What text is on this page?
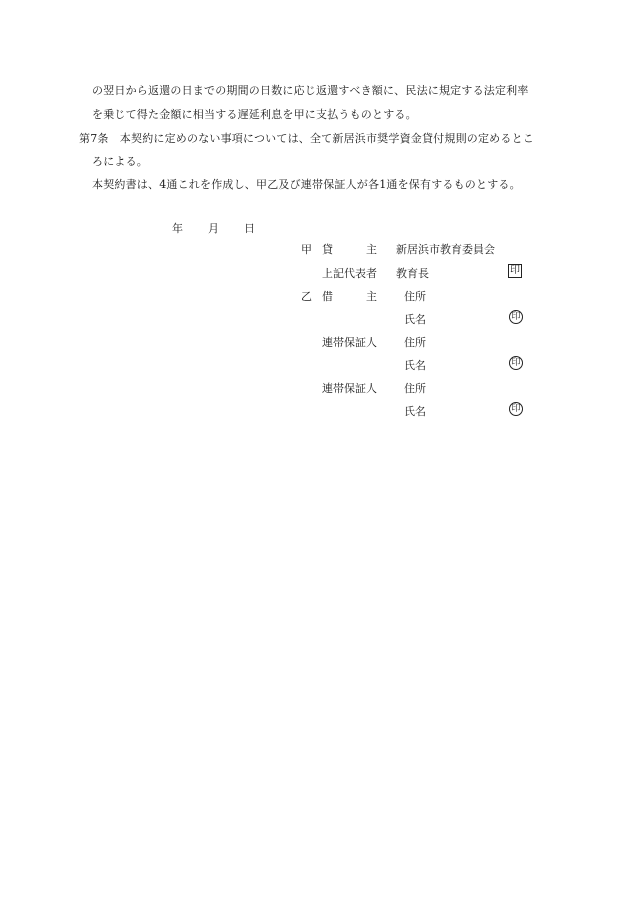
の翌日から返還の日までの期間の日数に応じ返還すべき額に、民法に規定する法定利率
を乗じて得た金額に相当する遅延利息を甲に支払うものとする。
第7条　本契約に定めのない事項については、全て新居浜市奨学資金貸付規則の定めるとこ
ろによる。
本契約書は、4通これを作成し、甲乙及び連帯保証人が各1通を保有するものとする。
年 月 日
甲 貸　　　主 新居浜市教育委員会
上記代表者 教育長	印
乙 借　　　主 住所
氏名	印
連帯保証人 住所
氏名	印
連帯保証人 住所
氏名	印
